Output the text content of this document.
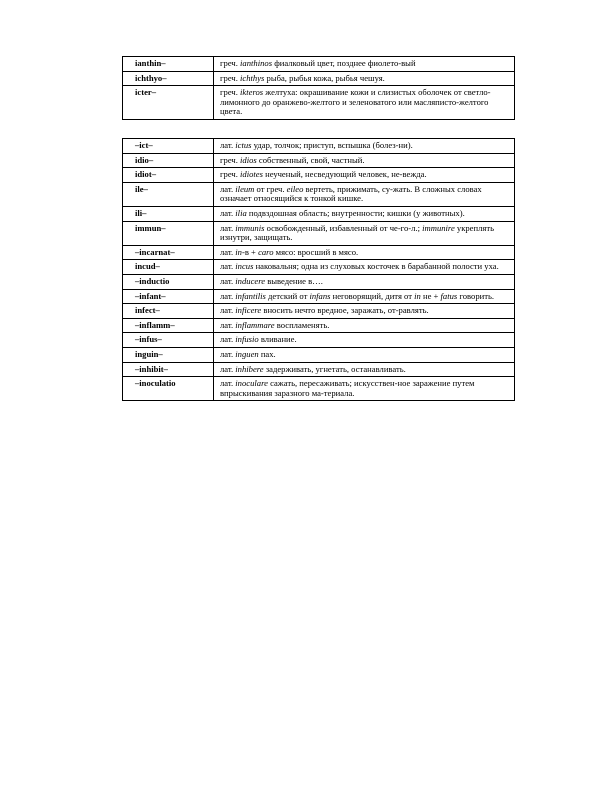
ianthin–	греч. ianthinos фиалковый цвет, позднее фиолето-вый
ichthyo–	греч. ichthys рыба, рыбья кожа, рыбья чешуя.
icter–	греч. ikteros желтуха: окрашивание кожи и слизистых оболочек от светло-лимонного до оранжево-желтого и зеленоватого или масляписто-желтого цвета.
–ict–	лат. ictus удар, толчок; приступ, вспышка (болез-ни).
idio–	греч. idios собственный, свой, частный.
idiot–	греч. idiotes неученый, несведующий человек, не-вежда.
ile–	лат. ileum от греч. eileo вертеть, прижимать, су-жать. В сложных словах означает относящийся к тонкой кишке.
ili–	лат. ilia подвздошная область; внутренности; кишки (у животных).
immun–	лат. immunis освобожденный, избавленный от че-го-л.; immunire укреплять изнутри, защищать.
–incarnat–	лат. in-в + caro мясо: вросший в мясо.
incud–	лат. incus наковальня; одна из слуховых косточек в барабанной полости уха.
–inductio	лат. inducere выведение в….
–infant–	лат. infantilis детский от infans неговорящий, дитя от in не + fatus говорить.
infect–	лат. inficere вносить нечто вредное, заражать, от-равлять.
–inflamm–	лат. inflammare воспламенять.
–infus–	лат. infusio вливание.
inguin–	лат. inguen пах.
–inhibit–	лат. inhibere задерживать, угнетать, останавливать.
–inoculatio	лат. inoculare сажать, пересаживать; искусствен-ное заражение путем впрыскивания заразного ма-териала.
